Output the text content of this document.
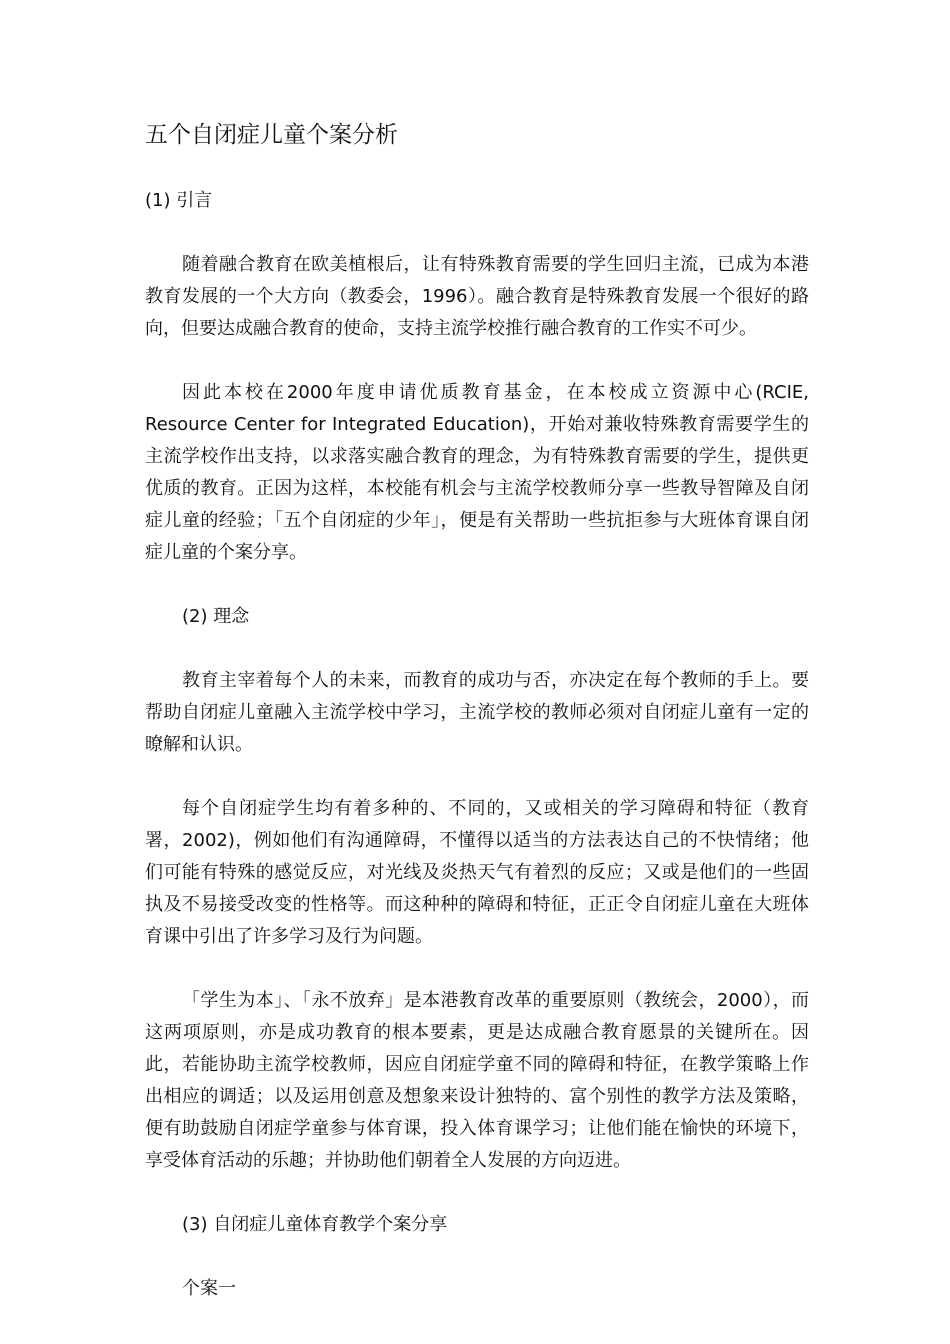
五个自闭症儿童个案分析
(1) 引言

随着融合教育在欧美植根后，让有特殊教育需要的学生回归主流，已成为本港教育发展的一个大方向（教委会，1996）。融合教育是特殊教育发展一个很好的路向，但要达成融合教育的使命，支持主流学校推行融合教育的工作实不可少。

因此本校在2000年度申请优质教育基金，在本校成立资源中心(RCIE, Resource Center for Integrated Education)，开始对兼收特殊教育需要学生的主流学校作出支持，以求落实融合教育的理念，为有特殊教育需要的学生，提供更优质的教育。正因为这样，本校能有机会与主流学校教师分享一些教导智障及自闭症儿童的经验；「五个自闭症的少年」，便是有关帮助一些抗拒参与大班体育课自闭症儿童的个案分享。

(2) 理念

教育主宰着每个人的未来，而教育的成功与否，亦决定在每个教师的手上。要帮助自闭症儿童融入主流学校中学习，主流学校的教师必须对自闭症儿童有一定的暸解和认识。

每个自闭症学生均有着多种的、不同的，又或相关的学习障碍和特征（教育署，2002)，例如他们有沟通障碍，不懂得以适当的方法表达自己的不快情绪；他们可能有特殊的感觉反应，对光线及炎热天气有着烈的反应；又或是他们的一些固执及不易接受改变的性格等。而这种种的障碍和特征，正正令自闭症儿童在大班体育课中引出了许多学习及行为问题。

「学生为本」、「永不放弃」是本港教育改革的重要原则（教统会，2000），而这两项原则，亦是成功教育的根本要素，更是达成融合教育愿景的关键所在。因此，若能协助主流学校教师，因应自闭症学童不同的障碍和特征，在教学策略上作出相应的调适；以及运用创意及想象来设计独特的、富个别性的教学方法及策略，便有助鼓励自闭症学童参与体育课，投入体育课学习；让他们能在愉快的环境下，享受体育活动的乐趣；并协助他们朝着全人发展的方向迈进。

(3) 自闭症儿童体育教学个案分享
个案一
